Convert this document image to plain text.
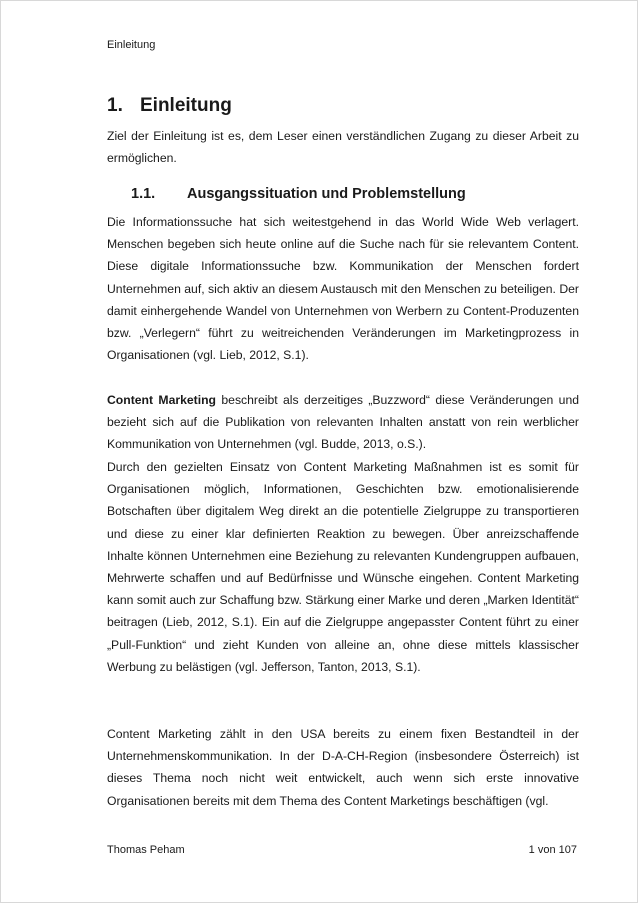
Einleitung
1. Einleitung

Ziel der Einleitung ist es, dem Leser einen verständlichen Zugang zu dieser Arbeit zu ermöglichen.

1.1. Ausgangssituation und Problemstellung

Die Informationssuche hat sich weitestgehend in das World Wide Web verlagert. Menschen begeben sich heute online auf die Suche nach für sie relevantem Content. Diese digitale Informationssuche bzw. Kommunikation der Menschen fordert Unternehmen auf, sich aktiv an diesem Austausch mit den Menschen zu beteiligen. Der damit einhergehende Wandel von Unternehmen von Werbern zu Content-Produzenten bzw. „Verlegern“ führt zu weitreichenden Veränderungen im Marketingprozess in Organisationen (vgl. Lieb, 2012, S.1).

Content Marketing beschreibt als derzeitiges „Buzzword“ diese Veränderungen und bezieht sich auf die Publikation von relevanten Inhalten anstatt von rein werblicher Kommunikation von Unternehmen (vgl. Budde, 2013, o.S.).

Durch den gezielten Einsatz von Content Marketing Maßnahmen ist es somit für Organisationen möglich, Informationen, Geschichten bzw. emotionalisierende Botschaften über digitalem Weg direkt an die potentielle Zielgruppe zu transportieren und diese zu einer klar definierten Reaktion zu bewegen. Über anreizschaffende Inhalte können Unternehmen eine Beziehung zu relevanten Kundengruppen aufbauen, Mehrwerte schaffen und auf Bedürfnisse und Wünsche eingehen. Content Marketing kann somit auch zur Schaffung bzw. Stärkung einer Marke und deren „Marken Identität“ beitragen (Lieb, 2012, S.1). Ein auf die Zielgruppe angepasster Content führt zu einer „Pull-Funktion“ und zieht Kunden von alleine an, ohne diese mittels klassischer Werbung zu belästigen (vgl. Jefferson, Tanton, 2013, S.1).

Content Marketing zählt in den USA bereits zu einem fixen Bestandteil in der Unternehmenskommunikation. In der D-A-CH-Region (insbesondere Österreich) ist dieses Thema noch nicht weit entwickelt, auch wenn sich erste innovative Organisationen bereits mit dem Thema des Content Marketings beschäftigen (vgl.

Thomas Peham	1 von 107
